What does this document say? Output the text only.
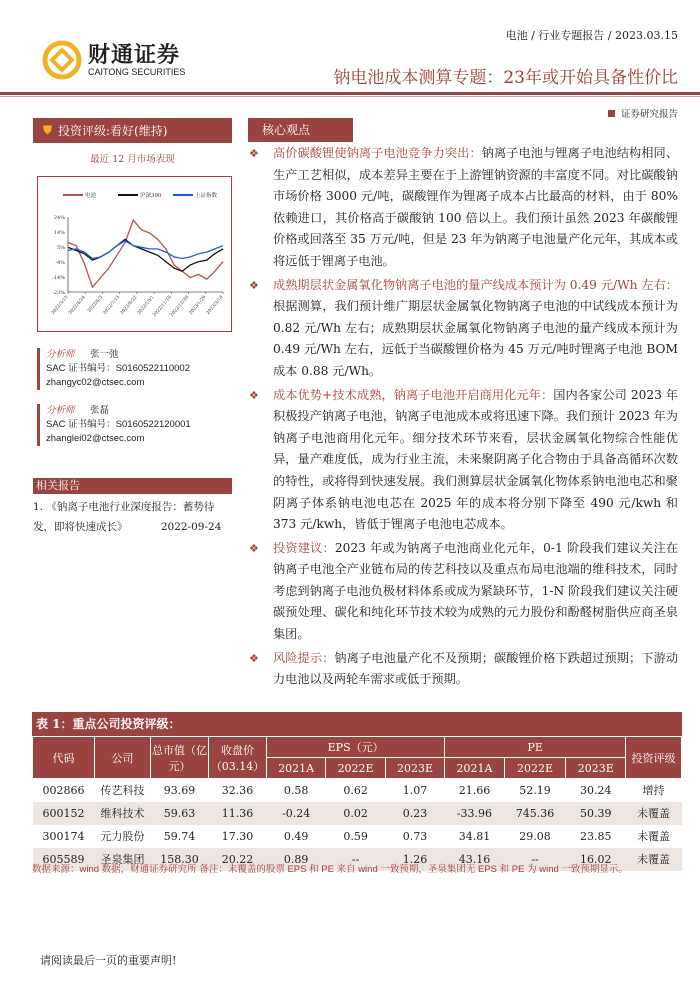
电池 / 行业专题报告 / 2023.03.15
财通证券
CAITONG SECURITIES	钠电池成本测算专题：23年或开始具备性价比
证券研究报告
⛊ 投资评级:看好(维持)
最近 12 月市场表现
24%
14%
5%
-4%
-14%
-23%
2022/3/15
2022/4/24 2022/6/3
2022/7/13
2022/8/22
2022/10/1
2022/11/10
2022/12/20
2023/1/29
2023/3/10
电池	沪深300	上证指数
分析师 张一弛
SAC 证书编号：S0160522110002
zhangyc02@ctsec.com
分析师 张磊
SAC 证书编号：S0160522120001
zhanglei02@ctsec.com
相关报告
1. 《钠离子电池行业深度报告：蓄势待发，即将快速成长》	2022-09-24
核心观点
❖ 高价碳酸锂使钠离子电池竞争力突出：钠离子电池与锂离子电池结构相同、生产工艺相似，成本差异主要在于上游锂钠资源的丰富度不同。对比碳酸钠市场价格 3000 元/吨，碳酸锂作为锂离子成本占比最高的材料，由于 80%依赖进口，其价格高于碳酸钠 100 倍以上。我们预计虽然 2023 年碳酸锂价格或回落至 35 万元/吨，但是 23 年为钠离子电池量产化元年，其成本或将远低于锂离子电池。
❖ 成熟期层状金属氧化物钠离子电池的量产线成本预计为 0.49 元/Wh 左右：根据测算，我们预计维广期层状金属氧化物钠离子电池的中试线成本预计为 0.82 元/Wh 左右；成熟期层状金属氧化物钠离子电池的量产线成本预计为 0.49 元/Wh 左右，远低于当碳酸锂价格为 45 万元/吨时锂离子电池 BOM 成本 0.88 元/Wh。
❖ 成本优势+技术成熟，钠离子电池开启商用化元年：国内各家公司 2023 年积极投产钠离子电池，钠离子电池成本或将迅速下降。我们预计 2023 年为钠离子电池商用化元年。细分技术环节来看，层状金属氧化物综合性能优异，量产难度低，成为行业主流，未来聚阴离子化合物由于具备高循环次数的特性，或将得到快速发展。我们测算层状金属氧化物体系钠电池电芯和聚阴离子体系钠电池电芯在 2025 年的成本将分别下降至 490 元/kwh 和 373 元/kwh，皆低于锂离子电池电芯成本。
❖ 投资建议：2023 年或为钠离子电池商业化元年，0-1 阶段我们建议关注在钠离子电池全产业链布局的传艺科技以及重点布局电池端的维科技术，同时考虑到钠离子电池负极材料体系或成为紧缺环节，1-N 阶段我们建议关注硬碳预处理、碳化和纯化环节技术较为成熟的元力股份和酚醛树脂供应商圣泉集团。
❖ 风险提示：钠离子电池量产化不及预期；碳酸锂价格下跌超过预期；下游动力电池以及两轮车需求或低于预期。
表 1：重点公司投资评级：
代码	公司	总市值（亿元）	收盘价（03.14）	EPS（元）			PE			投资评级
				2021A	2022E	2023E	2021A	2022E	2023E	
002866	传艺科技	93.69	32.36	0.58	0.62	1.07	21.66	52.19	30.24	增持
600152	维科技术	59.63	11.36	-0.24	0.02	0.23	-33.96	745.36	50.39	未覆盖
300174	元力股份	59.74	17.30	0.49	0.59	0.73	34.81	29.08	23.85	未覆盖
605589	圣泉集团	158.30	20.22	0.89	--	1.26	43.16	--	16.02	未覆盖
数据来源：wind 数据，财通证券研究所 备注：未覆盖的股票 EPS 和 PE 来自 wind 一致预期，圣泉集团无 EPS 和 PE 为 wind 一致预期显示。
请阅读最后一页的重要声明!
